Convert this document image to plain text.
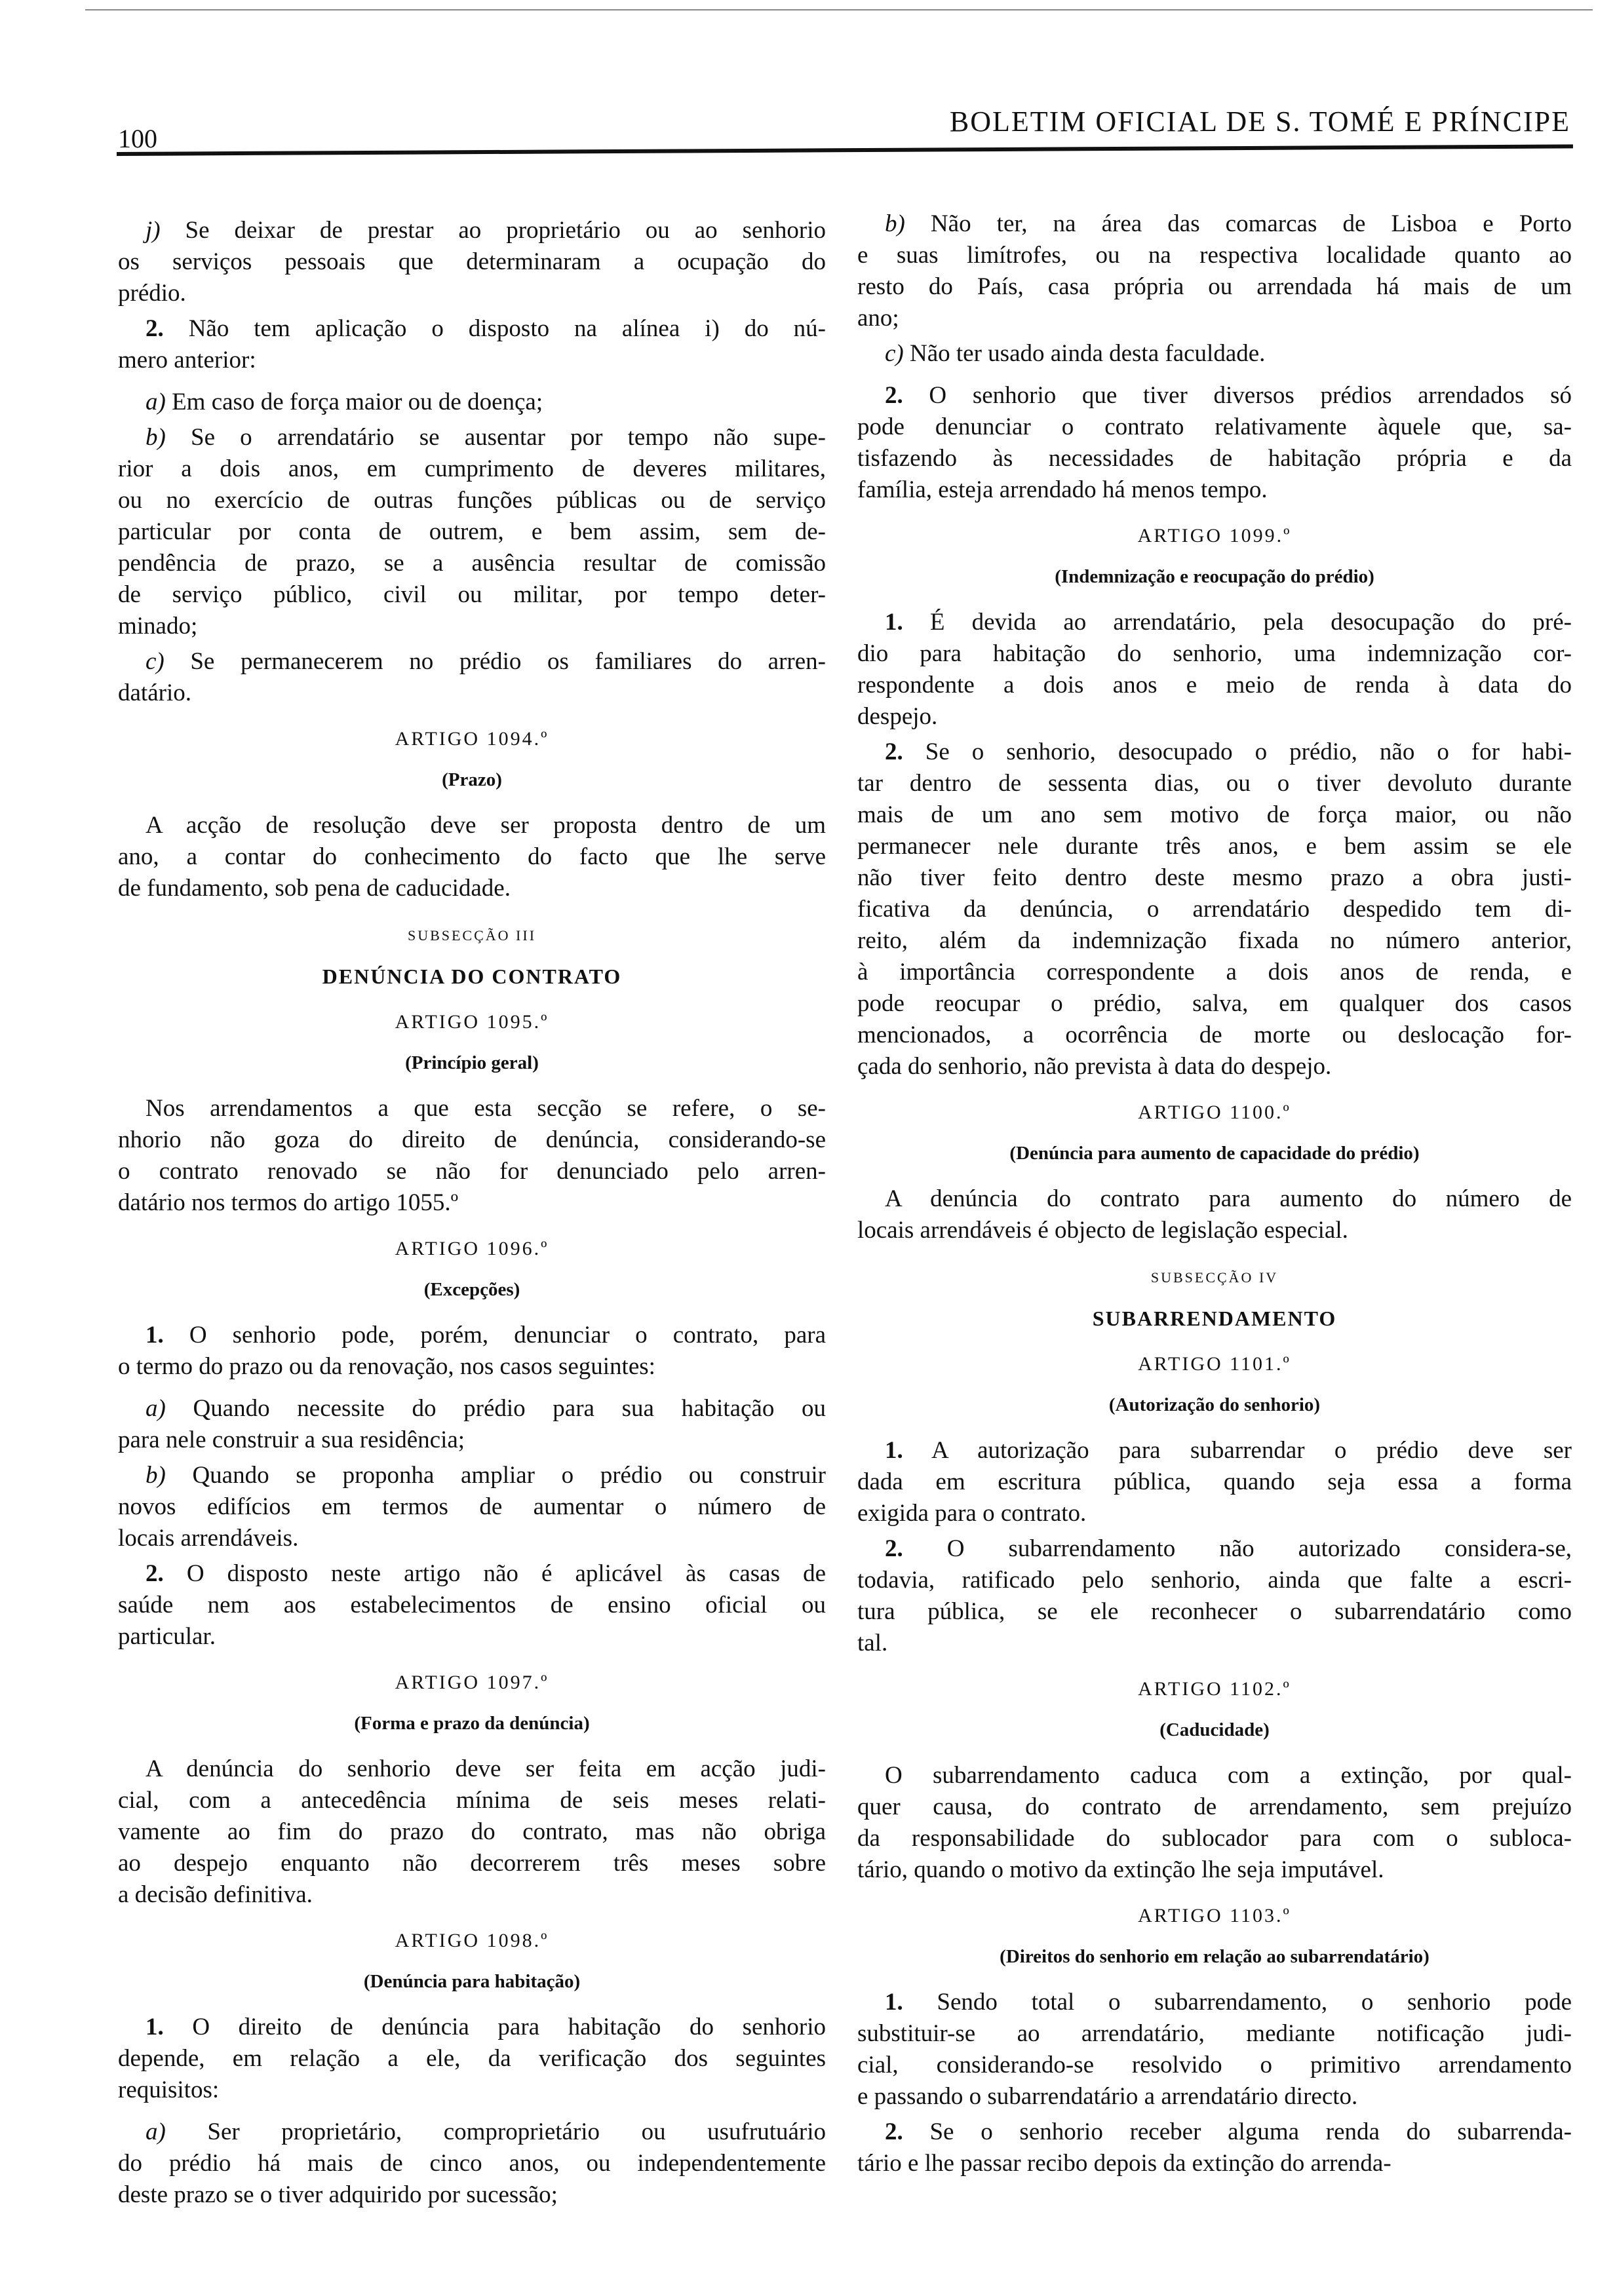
100
BOLETIM OFICIAL DE S. TOMÉ E PRÍNCIPE
j) Se deixar de prestar ao proprietário ou ao senhorio
os serviços pessoais que determinaram a ocupação do
prédio.
2. Não tem aplicação o disposto na alínea i) do nú-
mero anterior:
a) Em caso de força maior ou de doença;
b) Se o arrendatário se ausentar por tempo não supe-
rior a dois anos, em cumprimento de deveres militares,
ou no exercício de outras funções públicas ou de serviço
particular por conta de outrem, e bem assim, sem de-
pendência de prazo, se a ausência resultar de comissão
de serviço público, civil ou militar, por tempo deter-
minado;
c) Se permanecerem no prédio os familiares do arren-
datário.
ARTIGO 1094.º
(Prazo)
A acção de resolução deve ser proposta dentro de um
ano, a contar do conhecimento do facto que lhe serve
de fundamento, sob pena de caducidade.
SUBSECÇÃO III
DENÚNCIA DO CONTRATO
ARTIGO 1095.º
(Princípio geral)
Nos arrendamentos a que esta secção se refere, o se-
nhorio não goza do direito de denúncia, considerando-se
o contrato renovado se não for denunciado pelo arren-
datário nos termos do artigo 1055.º
ARTIGO 1096.º
(Excepções)
1. O senhorio pode, porém, denunciar o contrato, para
o termo do prazo ou da renovação, nos casos seguintes:
a) Quando necessite do prédio para sua habitação ou
para nele construir a sua residência;
b) Quando se proponha ampliar o prédio ou construir
novos edifícios em termos de aumentar o número de
locais arrendáveis.
2. O disposto neste artigo não é aplicável às casas de
saúde nem aos estabelecimentos de ensino oficial ou
particular.
ARTIGO 1097.º
(Forma e prazo da denúncia)
A denúncia do senhorio deve ser feita em acção judi-
cial, com a antecedência mínima de seis meses relati-
vamente ao fim do prazo do contrato, mas não obriga
ao despejo enquanto não decorrerem três meses sobre
a decisão definitiva.
ARTIGO 1098.º
(Denúncia para habitação)
1. O direito de denúncia para habitação do senhorio
depende, em relação a ele, da verificação dos seguintes
requisitos:
a) Ser proprietário, comproprietário ou usufrutuário
do prédio há mais de cinco anos, ou independentemente
deste prazo se o tiver adquirido por sucessão;
b) Não ter, na área das comarcas de Lisboa e Porto
e suas limítrofes, ou na respectiva localidade quanto ao
resto do País, casa própria ou arrendada há mais de um
ano;
c) Não ter usado ainda desta faculdade.
2. O senhorio que tiver diversos prédios arrendados só
pode denunciar o contrato relativamente àquele que, sa-
tisfazendo às necessidades de habitação própria e da
família, esteja arrendado há menos tempo.
ARTIGO 1099.º
(Indemnização e reocupação do prédio)
1. É devida ao arrendatário, pela desocupação do pré-
dio para habitação do senhorio, uma indemnização cor-
respondente a dois anos e meio de renda à data do
despejo.
2. Se o senhorio, desocupado o prédio, não o for habi-
tar dentro de sessenta dias, ou o tiver devoluto durante
mais de um ano sem motivo de força maior, ou não
permanecer nele durante três anos, e bem assim se ele
não tiver feito dentro deste mesmo prazo a obra justi-
ficativa da denúncia, o arrendatário despedido tem di-
reito, além da indemnização fixada no número anterior,
à importância correspondente a dois anos de renda, e
pode reocupar o prédio, salva, em qualquer dos casos
mencionados, a ocorrência de morte ou deslocação for-
çada do senhorio, não prevista à data do despejo.
ARTIGO 1100.º
(Denúncia para aumento de capacidade do prédio)
A denúncia do contrato para aumento do número de
locais arrendáveis é objecto de legislação especial.
SUBSECÇÃO IV
SUBARRENDAMENTO
ARTIGO 1101.º
(Autorização do senhorio)
1. A autorização para subarrendar o prédio deve ser
dada em escritura pública, quando seja essa a forma
exigida para o contrato.
2. O subarrendamento não autorizado considera-se,
todavia, ratificado pelo senhorio, ainda que falte a escri-
tura pública, se ele reconhecer o subarrendatário como
tal.
ARTIGO 1102.º
(Caducidade)
O subarrendamento caduca com a extinção, por qual-
quer causa, do contrato de arrendamento, sem prejuízo
da responsabilidade do sublocador para com o subloca-
tário, quando o motivo da extinção lhe seja imputável.
ARTIGO 1103.º
(Direitos do senhorio em relação ao subarrendatário)
1. Sendo total o subarrendamento, o senhorio pode
substituir-se ao arrendatário, mediante notificação judi-
cial, considerando-se resolvido o primitivo arrendamento
e passando o subarrendatário a arrendatário directo.
2. Se o senhorio receber alguma renda do subarrenda-
tário e lhe passar recibo depois da extinção do arrenda-
